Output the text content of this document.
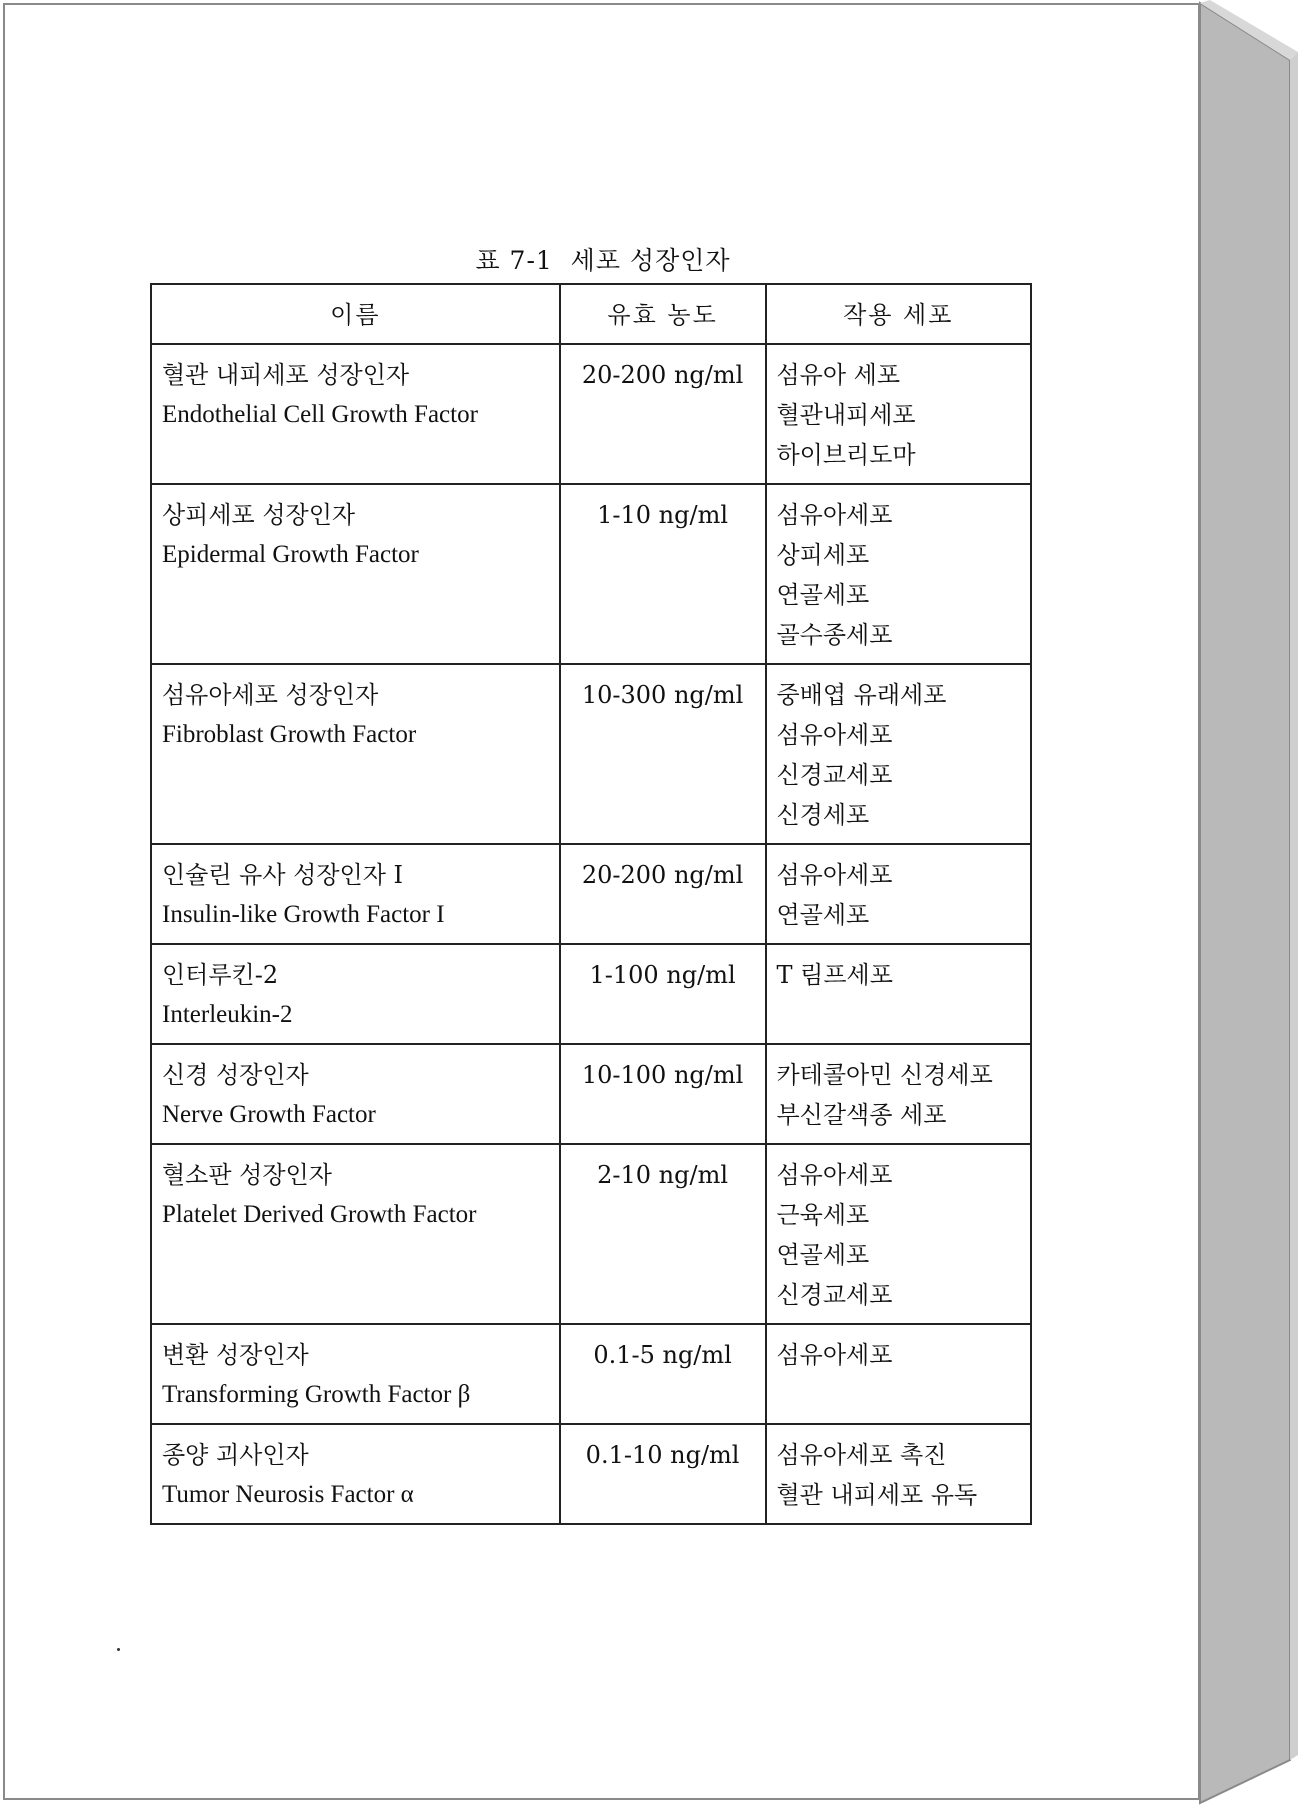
표 7-1  세포 성장인자
이름	유효 농도	작용 세포

혈관 내피세포 성장인자
Endothelial Cell Growth Factor	20-200 ng/ml	섬유아 세포
혈관내피세포
하이브리도마

상피세포 성장인자
Epidermal Growth Factor	1-10 ng/ml	섬유아세포
상피세포
연골세포
골수종세포

섬유아세포 성장인자
Fibroblast Growth Factor	10-300 ng/ml	중배엽 유래세포
섬유아세포
신경교세포
신경세포

인슐린 유사 성장인자 I
Insulin-like Growth Factor I	20-200 ng/ml	섬유아세포
연골세포

인터루킨-2
Interleukin-2	1-100 ng/ml	T 림프세포

신경 성장인자
Nerve Growth Factor	10-100 ng/ml	카테콜아민 신경세포
부신갈색종 세포

혈소판 성장인자
Platelet Derived Growth Factor	2-10 ng/ml	섬유아세포
근육세포
연골세포
신경교세포

변환 성장인자
Transforming Growth Factor β	0.1-5 ng/ml	섬유아세포

종양 괴사인자
Tumor Neurosis Factor α	0.1-10 ng/ml	섬유아세포 촉진
혈관 내피세포 유독
